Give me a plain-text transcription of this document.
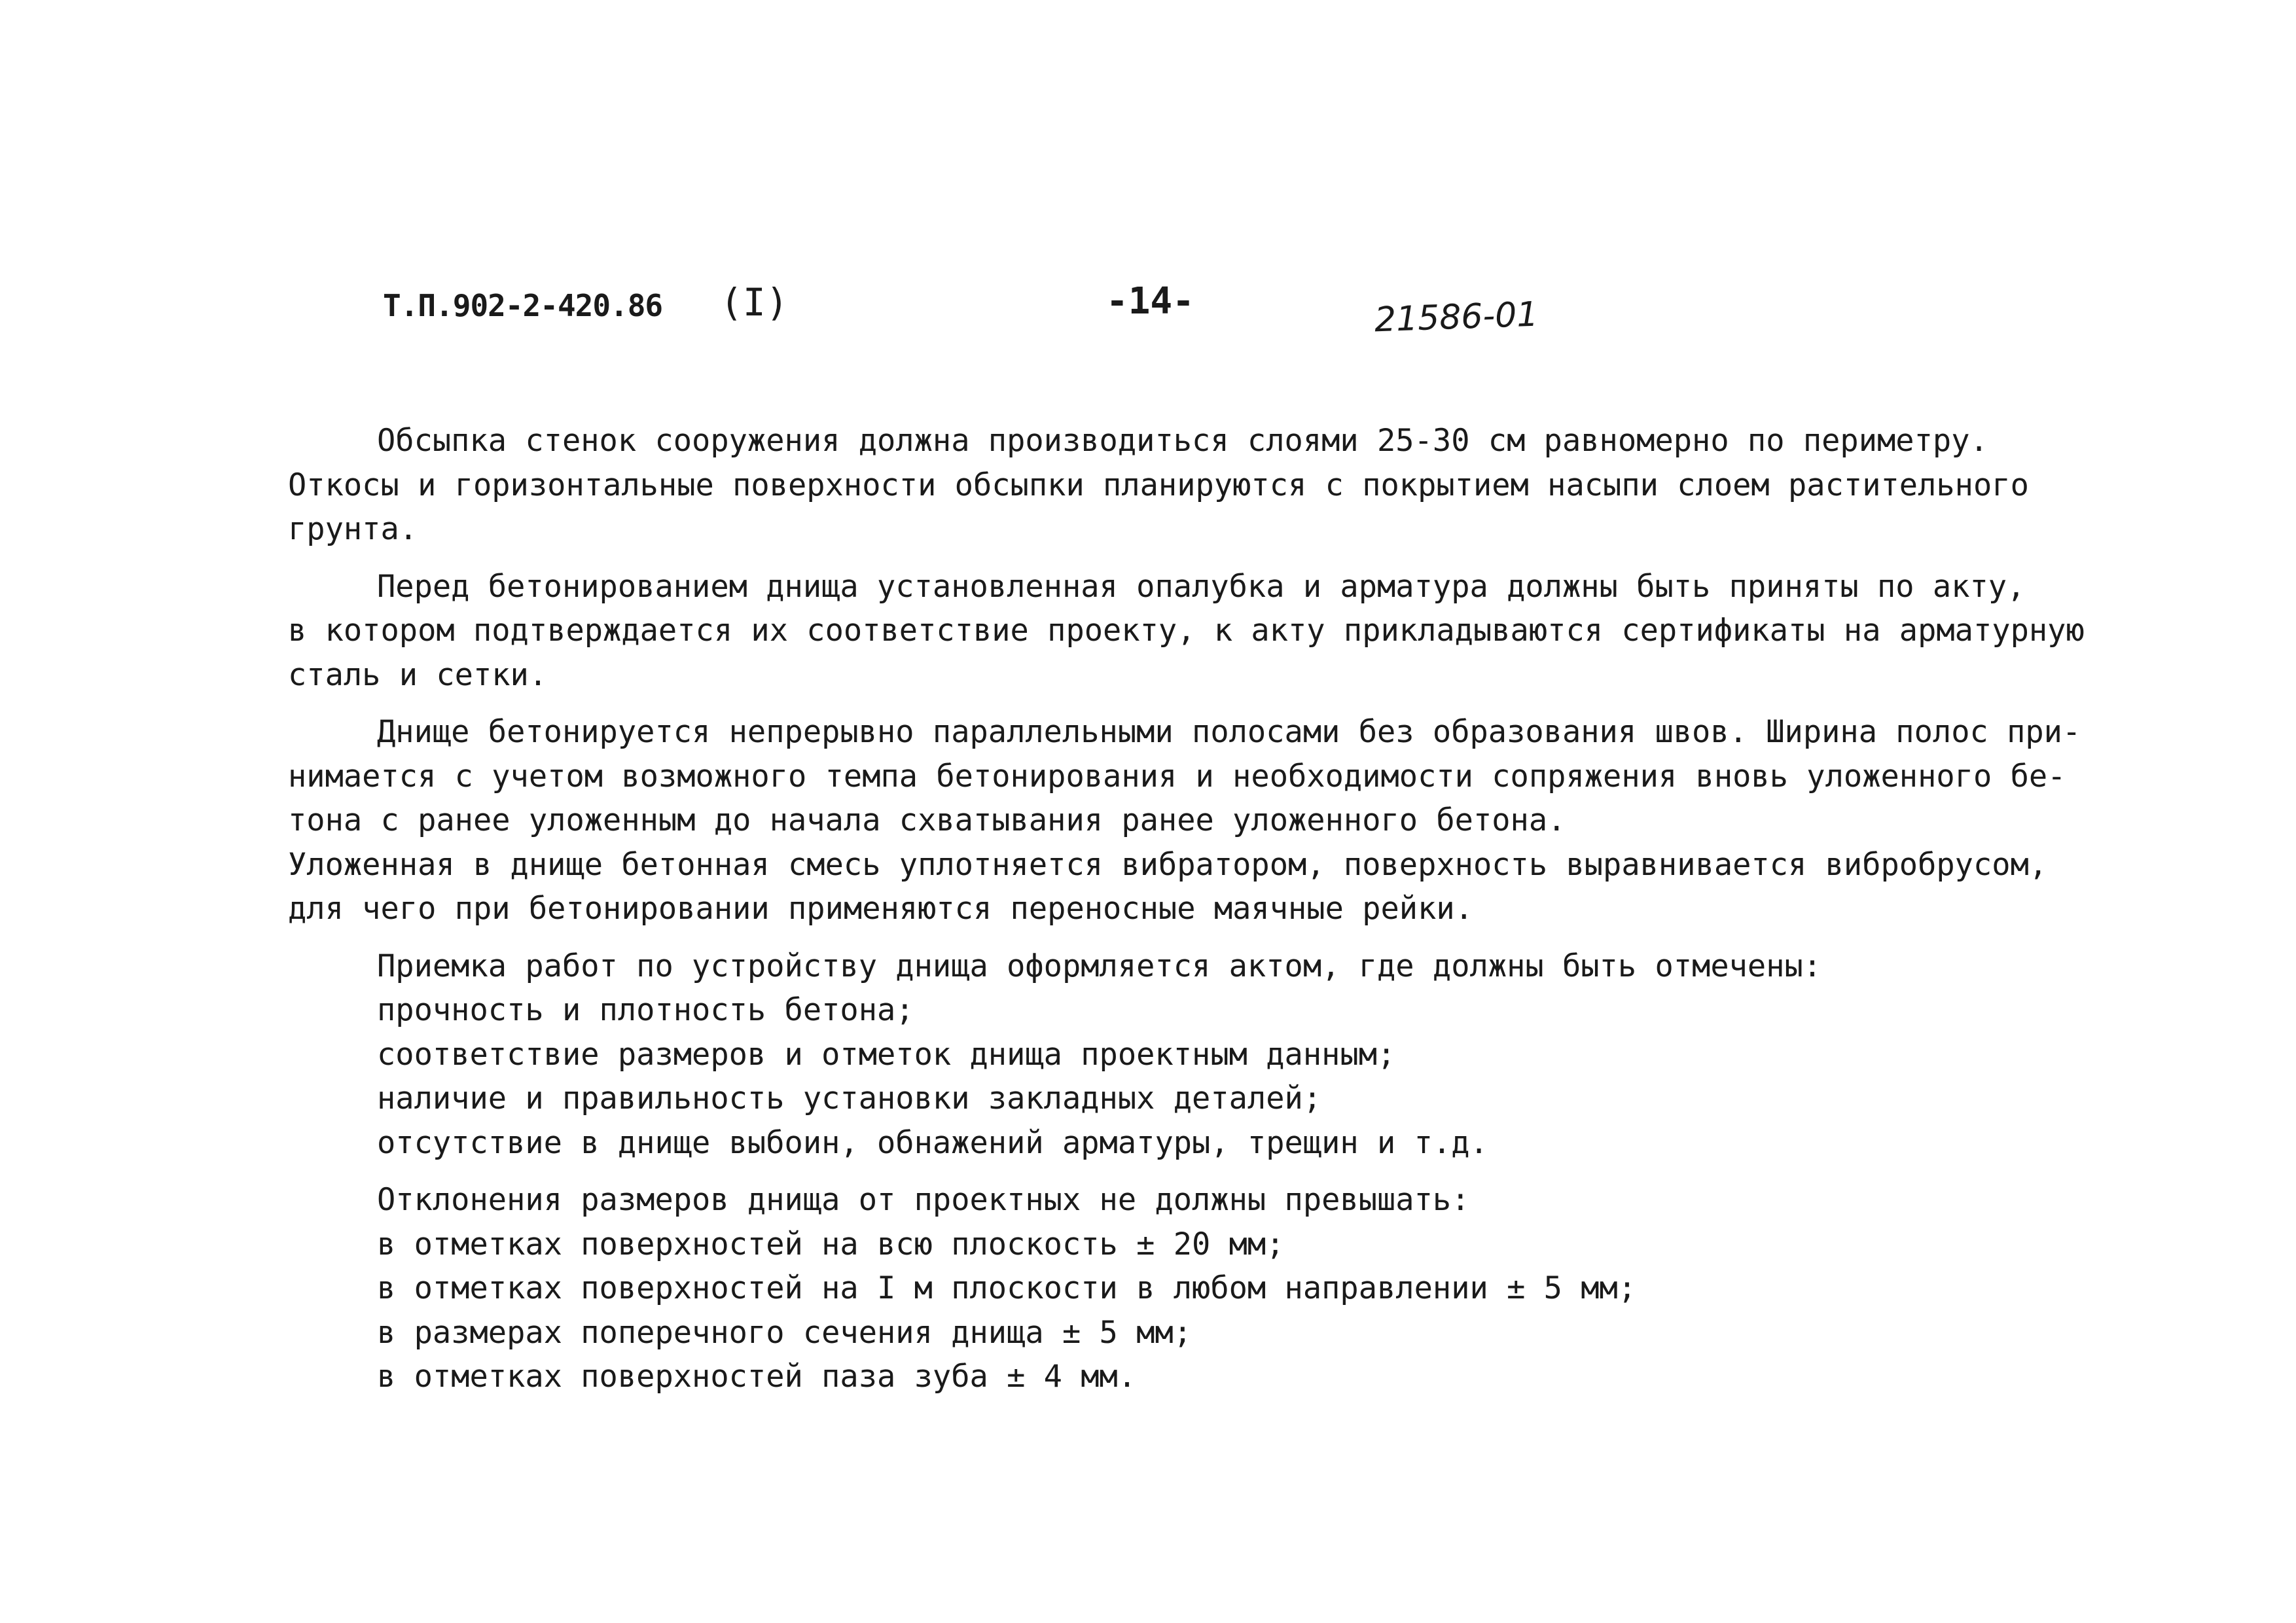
Т.П.902-2-420.86 (I)	-14-	21586-01
Обсыпка стенок сооружения должна производиться слоями 25-30 см равномерно по периметру.
Откосы и горизонтальные поверхности обсыпки планируются с покрытием насыпи слоем растительного
грунта.
Перед бетонированием днища установленная опалубка и арматура должны быть приняты по акту,
в котором подтверждается их соответствие проекту, к акту прикладываются сертификаты на арматурную
сталь и сетки.
Днище бетонируется непрерывно параллельными полосами без образования швов. Ширина полос при-
нимается с учетом возможного темпа бетонирования и необходимости сопряжения вновь уложенного бе-
тона с ранее уложенным до начала схватывания ранее уложенного бетона.
Уложенная в днище бетонная смесь уплотняется вибратором, поверхность выравнивается вибробрусом,
для чего при бетонировании применяются переносные маячные рейки.
Приемка работ по устройству днища оформляется актом, где должны быть отмечены:
прочность и плотность бетона;
соответствие размеров и отметок днища проектным данным;
наличие и правильность установки закладных деталей;
отсутствие в днище выбоин, обнажений арматуры, трещин и т.д.
Отклонения размеров днища от проектных не должны превышать:
в отметках поверхностей на всю плоскость ± 20 мм;
в отметках поверхностей на I м плоскости в любом направлении ± 5 мм;
в размерах поперечного сечения днища ± 5 мм;
в отметках поверхностей паза зуба ± 4 мм.
